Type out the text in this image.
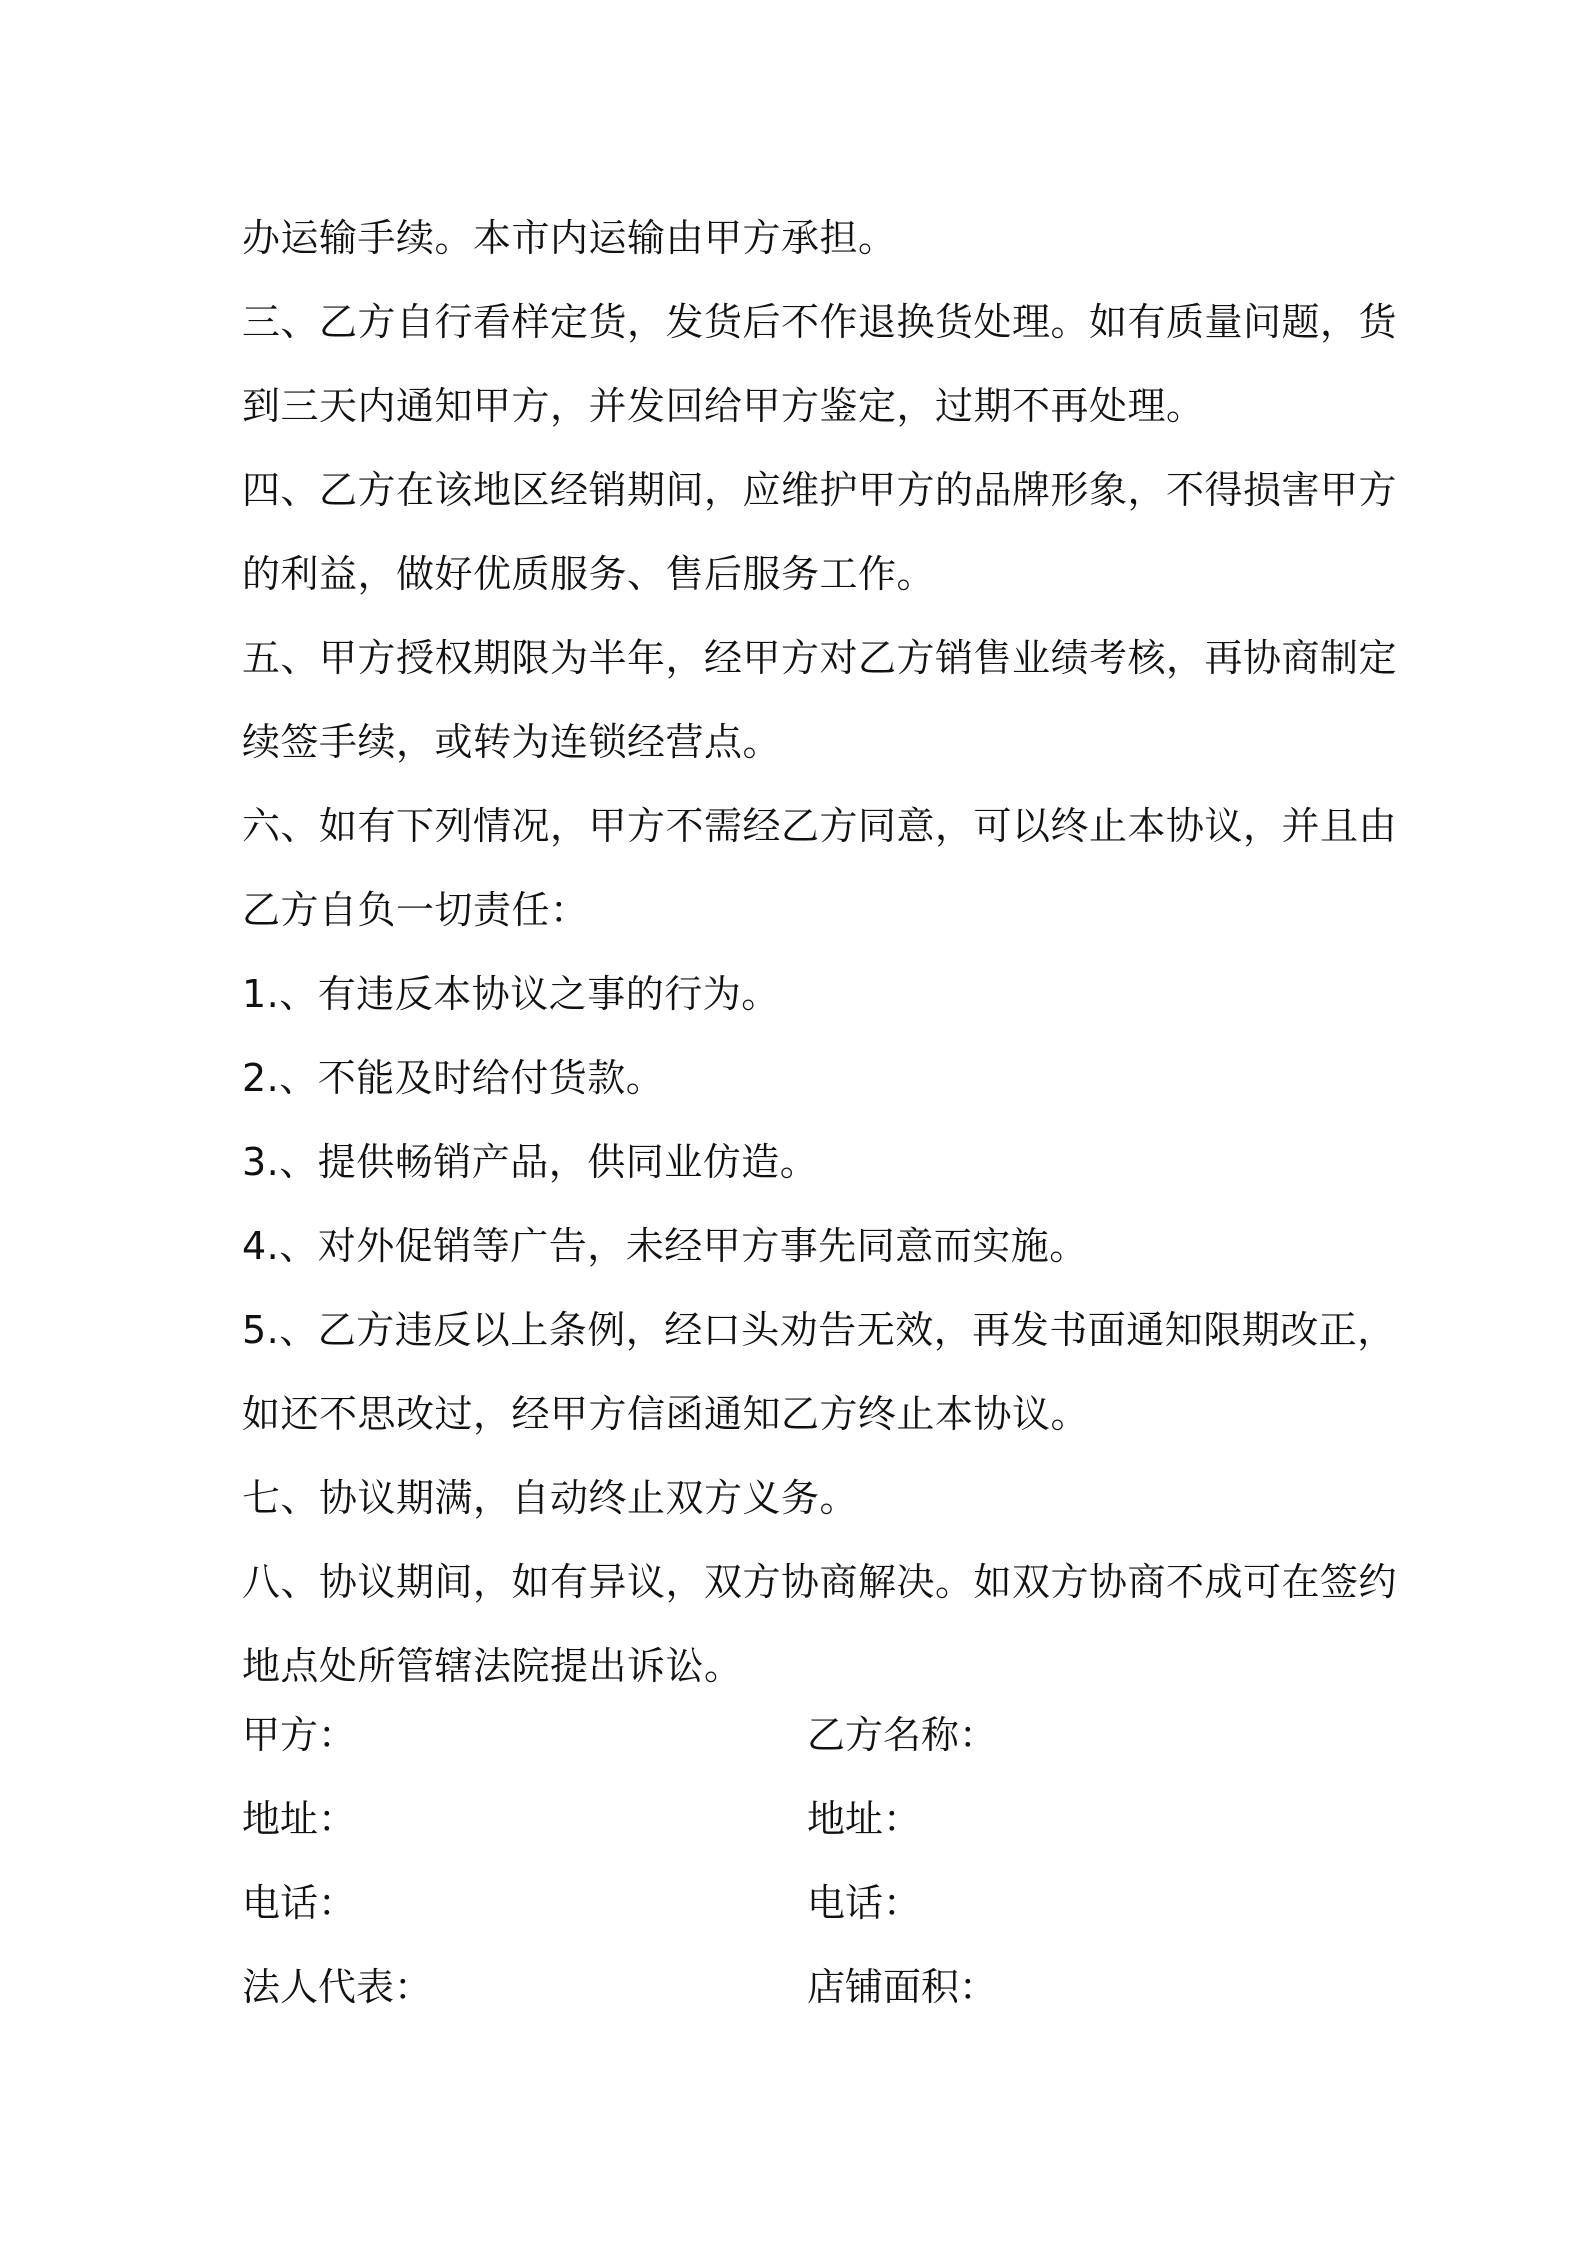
办运输手续。本市内运输由甲方承担。
三、乙方自行看样定货，发货后不作退换货处理。如有质量问题，货
到三天内通知甲方，并发回给甲方鉴定，过期不再处理。
四、乙方在该地区经销期间，应维护甲方的品牌形象，不得损害甲方
的利益，做好优质服务、售后服务工作。
五、甲方授权期限为半年，经甲方对乙方销售业绩考核，再协商制定
续签手续，或转为连锁经营点。
六、如有下列情况，甲方不需经乙方同意，可以终止本协议，并且由
乙方自负一切责任：
1.、有违反本协议之事的行为。
2.、不能及时给付货款。
3.、提供畅销产品，供同业仿造。
4.、对外促销等广告，未经甲方事先同意而实施。
5.、乙方违反以上条例，经口头劝告无效，再发书面通知限期改正，
如还不思改过，经甲方信函通知乙方终止本协议。
七、协议期满，自动终止双方义务。
八、协议期间，如有异议，双方协商解决。如双方协商不成可在签约
地点处所管辖法院提出诉讼。
甲方：	乙方名称：
地址：	地址：
电话：	电话：
法人代表：	店铺面积：
